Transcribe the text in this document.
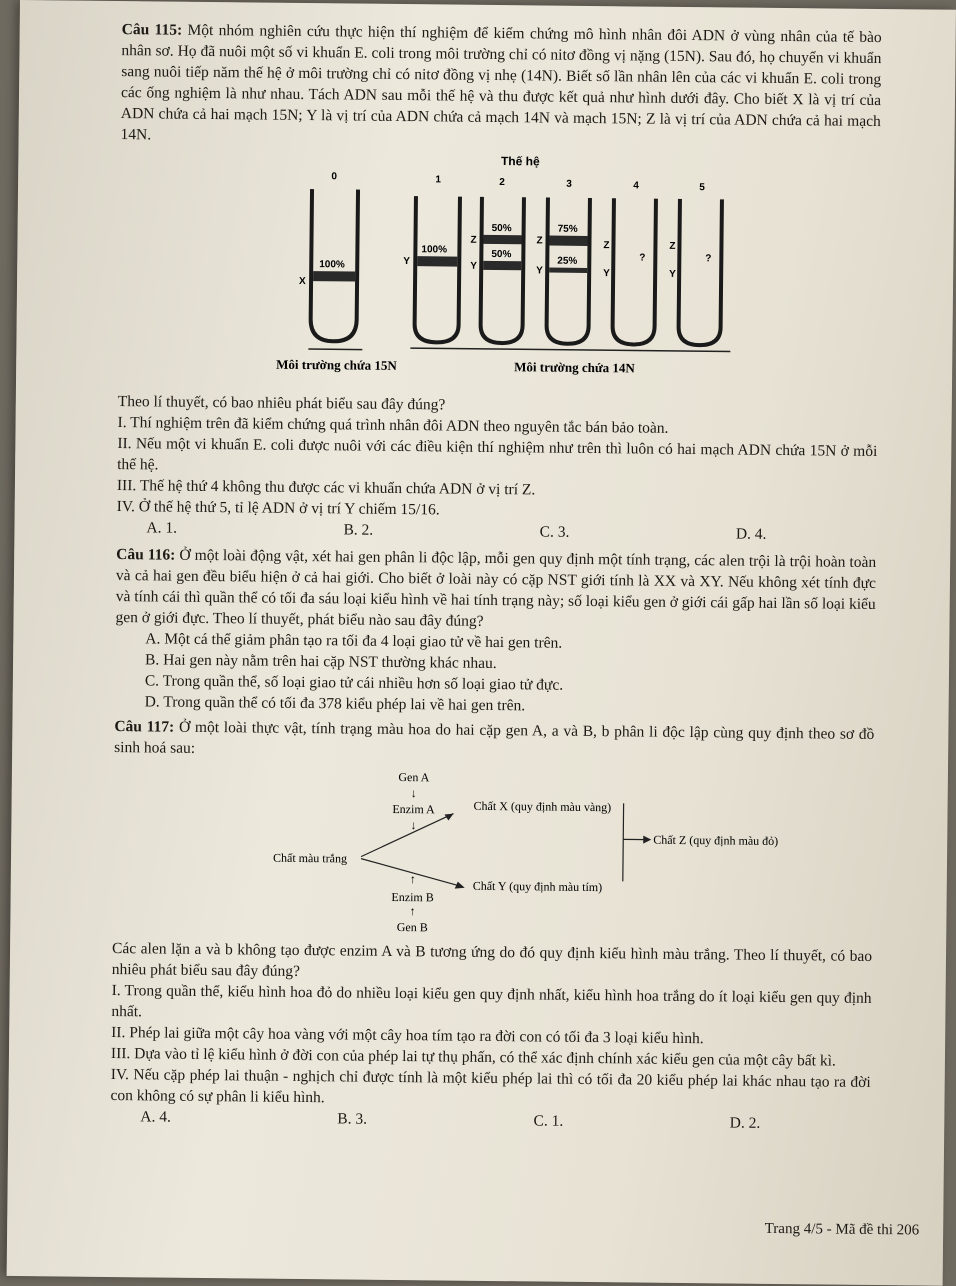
Câu 115: Một nhóm nghiên cứu thực hiện thí nghiệm để kiểm chứng mô hình nhân đôi ADN ở vùng nhân của tế bào nhân sơ. Họ đã nuôi một số vi khuẩn E. coli trong môi trường chỉ có nitơ đồng vị nặng (15N). Sau đó, họ chuyển vi khuẩn sang nuôi tiếp năm thế hệ ở môi trường chỉ có nitơ đồng vị nhẹ (14N). Biết số lần nhân lên của các vi khuẩn E. coli trong các ống nghiệm là như nhau. Tách ADN sau mỗi thế hệ và thu được kết quả như hình dưới đây. Cho biết X là vị trí của ADN chứa cả hai mạch 15N; Y là vị trí của ADN chứa cả mạch 14N và mạch 15N; Z là vị trí của ADN chứa cả hai mạch 14N.

Thế hệ
0	1	2	3	4	5
100%
X
100%
Y
50%
50%
Z
Y
75%
25%
Z
Y
Z
Y
?
Z
Y
?
Môi trường chứa 15N	Môi trường chứa 14N

Theo lí thuyết, có bao nhiêu phát biểu sau đây đúng?

I. Thí nghiệm trên đã kiểm chứng quá trình nhân đôi ADN theo nguyên tắc bán bảo toàn.

II. Nếu một vi khuẩn E. coli được nuôi với các điều kiện thí nghiệm như trên thì luôn có hai mạch ADN chứa 15N ở mỗi thế hệ.

III. Thế hệ thứ 4 không thu được các vi khuẩn chứa ADN ở vị trí Z.

IV. Ở thế hệ thứ 5, tỉ lệ ADN ở vị trí Y chiếm 15/16.

A. 1.	B. 2.	C. 3.	D. 4.

Câu 116: Ở một loài động vật, xét hai gen phân li độc lập, mỗi gen quy định một tính trạng, các alen trội là trội hoàn toàn và cả hai gen đều biểu hiện ở cả hai giới. Cho biết ở loài này có cặp NST giới tính là XX và XY. Nếu không xét tính đực và tính cái thì quần thể có tối đa sáu loại kiểu hình về hai tính trạng này; số loại kiểu gen ở giới cái gấp hai lần số loại kiểu gen ở giới đực. Theo lí thuyết, phát biểu nào sau đây đúng?

A. Một cá thể giảm phân tạo ra tối đa 4 loại giao tử về hai gen trên.

B. Hai gen này nằm trên hai cặp NST thường khác nhau.

C. Trong quần thể, số loại giao tử cái nhiều hơn số loại giao tử đực.

D. Trong quần thể có tối đa 378 kiểu phép lai về hai gen trên.

Câu 117: Ở một loài thực vật, tính trạng màu hoa do hai cặp gen A, a và B, b phân li độc lập cùng quy định theo sơ đồ sinh hoá sau:

Gen A
↓
Enzim A
↓
Chất X (quy định màu vàng)
Chất Z (quy định màu đỏ)
Chất màu trắng
Chất Y (quy định màu tím)
↑
Enzim B
↑
Gen B

Các alen lặn a và b không tạo được enzim A và B tương ứng do đó quy định kiểu hình màu trắng. Theo lí thuyết, có bao nhiêu phát biểu sau đây đúng?

I. Trong quần thể, kiểu hình hoa đỏ do nhiều loại kiểu gen quy định nhất, kiểu hình hoa trắng do ít loại kiểu gen quy định nhất.

II. Phép lai giữa một cây hoa vàng với một cây hoa tím tạo ra đời con có tối đa 3 loại kiểu hình.

III. Dựa vào tỉ lệ kiểu hình ở đời con của phép lai tự thụ phấn, có thể xác định chính xác kiểu gen của một cây bất kì.

IV. Nếu cặp phép lai thuận - nghịch chỉ được tính là một kiểu phép lai thì có tối đa 20 kiểu phép lai khác nhau tạo ra đời con không có sự phân li kiểu hình.

A. 4.	B. 3.	C. 1.	D. 2.
Trang 4/5 - Mã đề thi 206
